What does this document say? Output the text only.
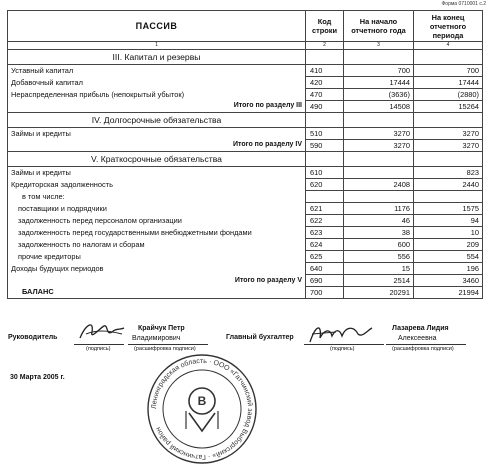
Форма 0710001 с.2
ПАССИВ	Код строки	На начало отчетного года	На конец отчетного периода
1	2	3	4
III. Капитал и резервы			
Уставный капитал	410	700	700
Добавочный капитал	420	17444	17444
Нераспределенная прибыль (непокрытый убыток)	470	(3636)	(2880)
Итого по разделу III	490	14508	15264
IV. Долгосрочные обязательства			
Займы и кредиты	510	3270	3270
Итого по разделу IV	590	3270	3270
V. Краткосрочные обязательства			
Займы и кредиты	610		823
Кредиторская задолженность	620	2408	2440
в том числе:			
поставщики и подрядчики	621	1176	1575
задолженность перед персоналом организации	622	46	94
задолженность перед государственными внебюджетными фондами	623	38	10
задолженность по налогам и сборам	624	600	209
прочие кредиторы	625	556	554
Доходы будущих периодов	640	15	196
Итого по разделу V	690	2514	3460
БАЛАНС	700	20291	21994
Руководитель
(подпись)
Крайчук Петр
Владимирович
(расшифровка подписи)
Главный бухгалтер
(подпись)
Лазарева Лидия
Алексеевна
(расшифровка подписи)
30 Марта 2005 г.
Ленинградская область · ООО «Гатчинский завод Выборгский» · Гатчинский район
В
